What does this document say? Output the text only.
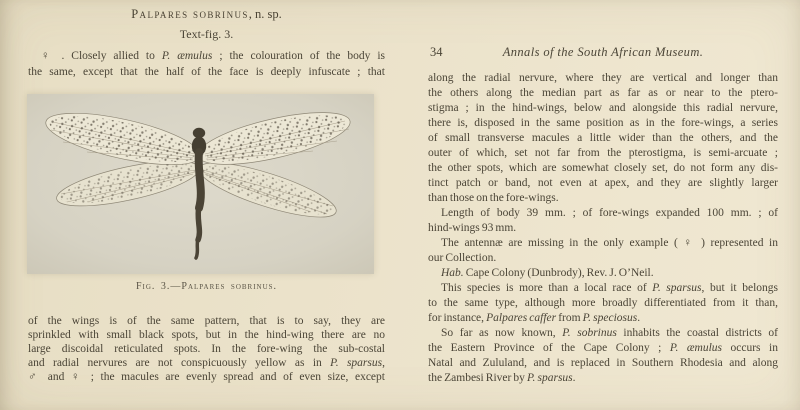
Palpares sobrinus, n. sp.
Text-fig. 3.
♀ . Closely allied to P. æmulus ; the colouration of the body is
the same, except that the half of the face is deeply infuscate ; that
Fig. 3.—Palpares sobrinus.
of the wings is of the same pattern, that is to say, they are
sprinkled with small black spots, but in the hind-wing there are no
large discoidal reticulated spots. In the fore-wing the sub-costal
and radial nervures are not conspicuously yellow as in P. sparsus,
♂ and ♀ ; the macules are evenly spread and of even size, except
34	Annals of the South African Museum.
along the radial nervure, where they are vertical and longer than
the others along the median part as far as or near to the ptero-
stigma ; in the hind-wings, below and alongside this radial nervure,
there is, disposed in the same position as in the fore-wings, a series
of small transverse macules a little wider than the others, and the
outer of which, set not far from the pterostigma, is semi-arcuate ;
the other spots, which are somewhat closely set, do not form any dis-
tinct patch or band, not even at apex, and they are slightly larger
than those on the fore-wings.
Length of body 39 mm. ; of fore-wings expanded 100 mm. ; of
hind-wings 93 mm.
The antennæ are missing in the only example ( ♀ ) represented in
our Collection.
Hab. Cape Colony (Dunbrody), Rev. J. O’Neil.
This species is more than a local race of P. sparsus, but it belongs
to the same type, although more broadly differentiated from it than,
for instance, Palpares caffer from P. speciosus.
So far as now known, P. sobrinus inhabits the coastal districts of
the Eastern Province of the Cape Colony ; P. æmulus occurs in
Natal and Zululand, and is replaced in Southern Rhodesia and along
the Zambesi River by P. sparsus.
